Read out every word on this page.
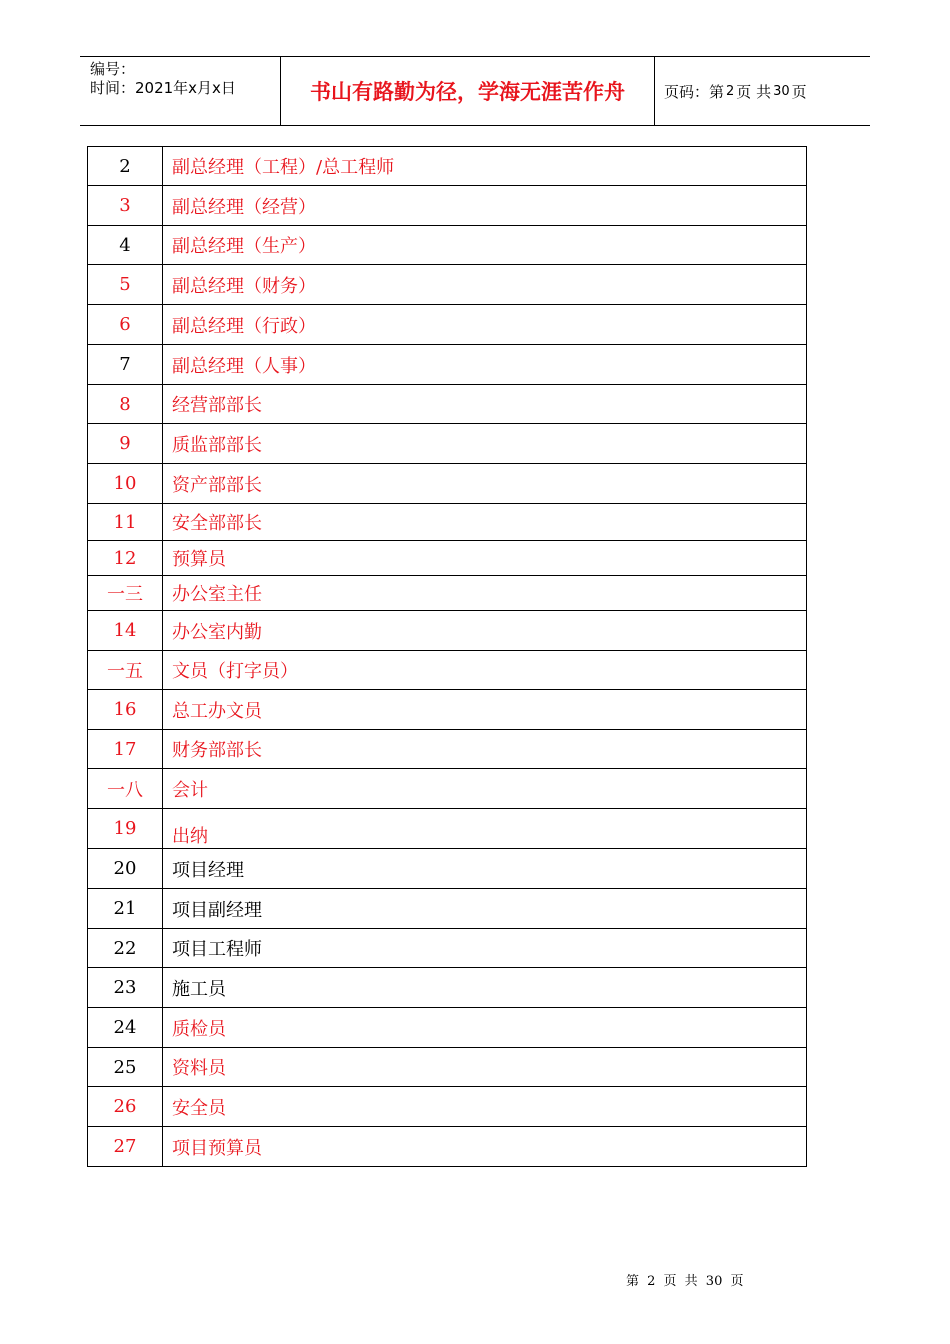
编号：
时间：2021年x月x日	书山有路勤为径，学海无涯苦作舟	页码：第 2 页 共 30 页
2	副总经理（工程）/总工程师
3	副总经理（经营）
4	副总经理（生产）
5	副总经理（财务）
6	副总经理（行政）
7	副总经理（人事）
8	经营部部长
9	质监部部长
10	资产部部长
11	安全部部长
12	预算员
一三	办公室主任
14	办公室内勤
一五	文员（打字员）
16	总工办文员
17	财务部部长
一八	会计
19	出纳
20	项目经理
21	项目副经理
22	项目工程师
23	施工员
24	质检员
25	资料员
26	安全员
27	项目预算员
第 2 页 共 30 页
